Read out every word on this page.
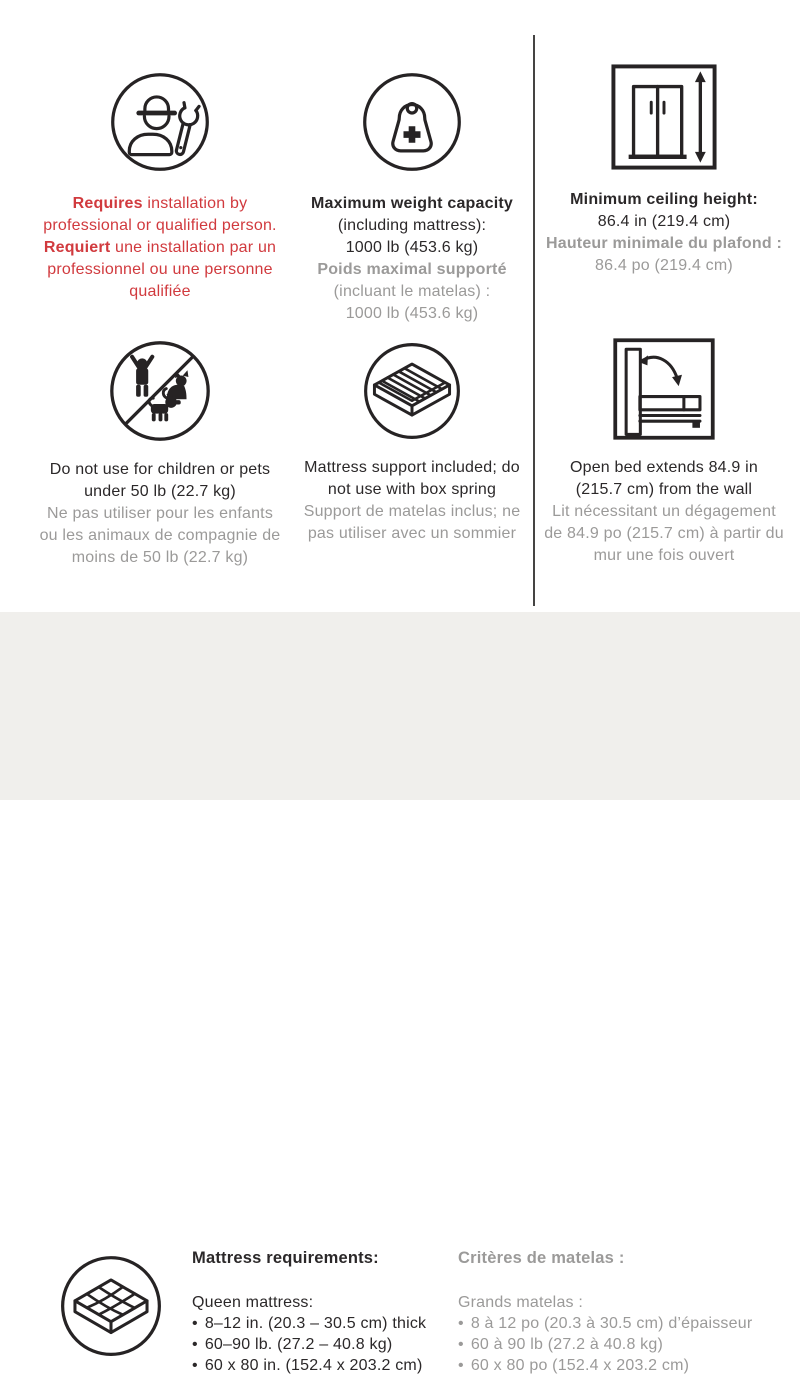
Requires installation by
professional or qualified person.
Requiert une installation par un
professionnel ou une personne
qualifiée
Maximum weight capacity
(including mattress):
1000 lb (453.6 kg)
Poids maximal supporté
(incluant le matelas) :
1000 lb (453.6 kg)
Minimum ceiling height:
86.4 in (219.4 cm)
Hauteur minimale du plafond :
86.4 po (219.4 cm)
Do not use for children or pets
under 50 lb (22.7 kg)
Ne pas utiliser pour les enfants
ou les animaux de compagnie de
moins de 50 lb (22.7 kg)
Mattress support included; do
not use with box spring
Support de matelas inclus; ne
pas utiliser avec un sommier
Open bed extends 84.9 in
(215.7 cm) from the wall
Lit nécessitant un dégagement
de 84.9 po (215.7 cm) à partir du
mur une fois ouvert
Mattress requirements:
Queen mattress:
• 8–12 in. (20.3 – 30.5 cm) thick
• 60–90 lb. (27.2 – 40.8 kg)
• 60 x 80 in. (152.4 x 203.2 cm)
Critères de matelas :
Grands matelas :
• 8 à 12 po (20.3 à 30.5 cm) d’épaisseur
• 60 à 90 lb (27.2 à 40.8 kg)
• 60 x 80 po (152.4 x 203.2 cm)
